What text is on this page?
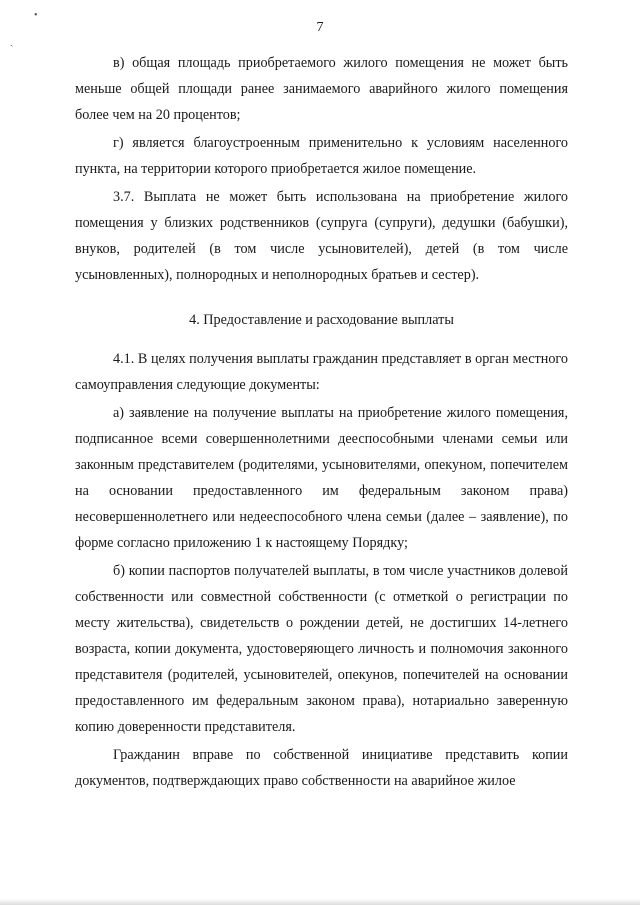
•
ˎ
7

в) общая площадь приобретаемого жилого помещения не может быть меньше общей площади ранее занимаемого аварийного жилого помещения более чем на 20 процентов;

г) является благоустроенным применительно к условиям населенного пункта, на территории которого приобретается жилое помещение.

3.7. Выплата не может быть использована на приобретение жилого помещения у близких родственников (супруга (супруги), дедушки (бабушки), внуков, родителей (в том числе усыновителей), детей (в том числе усыновленных), полнородных и неполнородных братьев и сестер).

4. Предоставление и расходование выплаты

4.1. В целях получения выплаты гражданин представляет в орган местного самоуправления следующие документы:

а) заявление на получение выплаты на приобретение жилого помещения, подписанное всеми совершеннолетними дееспособными членами семьи или законным представителем (родителями, усыновителями, опекуном, попечителем на основании предоставленного им федеральным законом права) несовершеннолетнего или недееспособного члена семьи (далее – заявление), по форме согласно приложению 1 к настоящему Порядку;

б) копии паспортов получателей выплаты, в том числе участников долевой собственности или совместной собственности (с отметкой о регистрации по месту жительства), свидетельств о рождении детей, не достигших 14-летнего возраста, копии документа, удостоверяющего личность и полномочия законного представителя (родителей, усыновителей, опекунов, попечителей на основании предоставленного им федеральным законом права), нотариально заверенную копию доверенности представителя.

Гражданин вправе по собственной инициативе представить копии документов, подтверждающих право собственности на аварийное жилое
